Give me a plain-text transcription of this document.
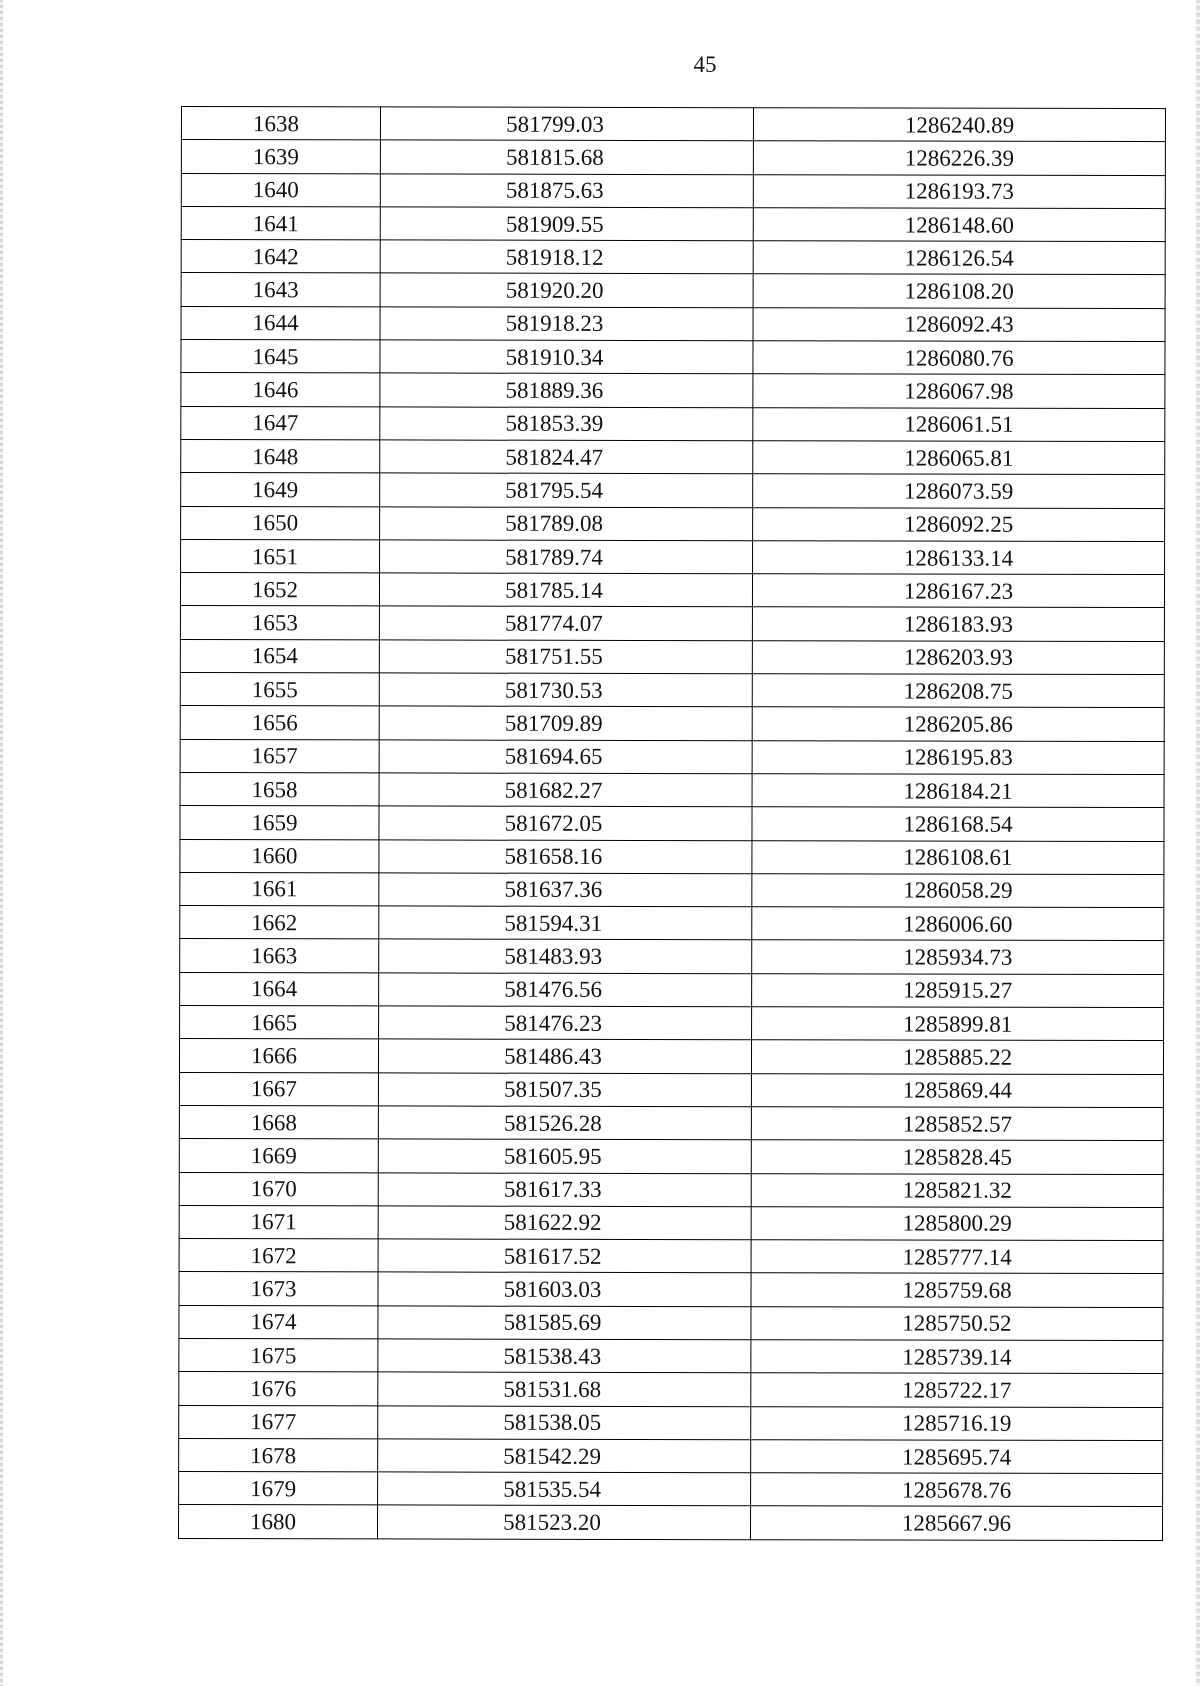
45
1638	581799.03	1286240.89
1639	581815.68	1286226.39
1640	581875.63	1286193.73
1641	581909.55	1286148.60
1642	581918.12	1286126.54
1643	581920.20	1286108.20
1644	581918.23	1286092.43
1645	581910.34	1286080.76
1646	581889.36	1286067.98
1647	581853.39	1286061.51
1648	581824.47	1286065.81
1649	581795.54	1286073.59
1650	581789.08	1286092.25
1651	581789.74	1286133.14
1652	581785.14	1286167.23
1653	581774.07	1286183.93
1654	581751.55	1286203.93
1655	581730.53	1286208.75
1656	581709.89	1286205.86
1657	581694.65	1286195.83
1658	581682.27	1286184.21
1659	581672.05	1286168.54
1660	581658.16	1286108.61
1661	581637.36	1286058.29
1662	581594.31	1286006.60
1663	581483.93	1285934.73
1664	581476.56	1285915.27
1665	581476.23	1285899.81
1666	581486.43	1285885.22
1667	581507.35	1285869.44
1668	581526.28	1285852.57
1669	581605.95	1285828.45
1670	581617.33	1285821.32
1671	581622.92	1285800.29
1672	581617.52	1285777.14
1673	581603.03	1285759.68
1674	581585.69	1285750.52
1675	581538.43	1285739.14
1676	581531.68	1285722.17
1677	581538.05	1285716.19
1678	581542.29	1285695.74
1679	581535.54	1285678.76
1680	581523.20	1285667.96
